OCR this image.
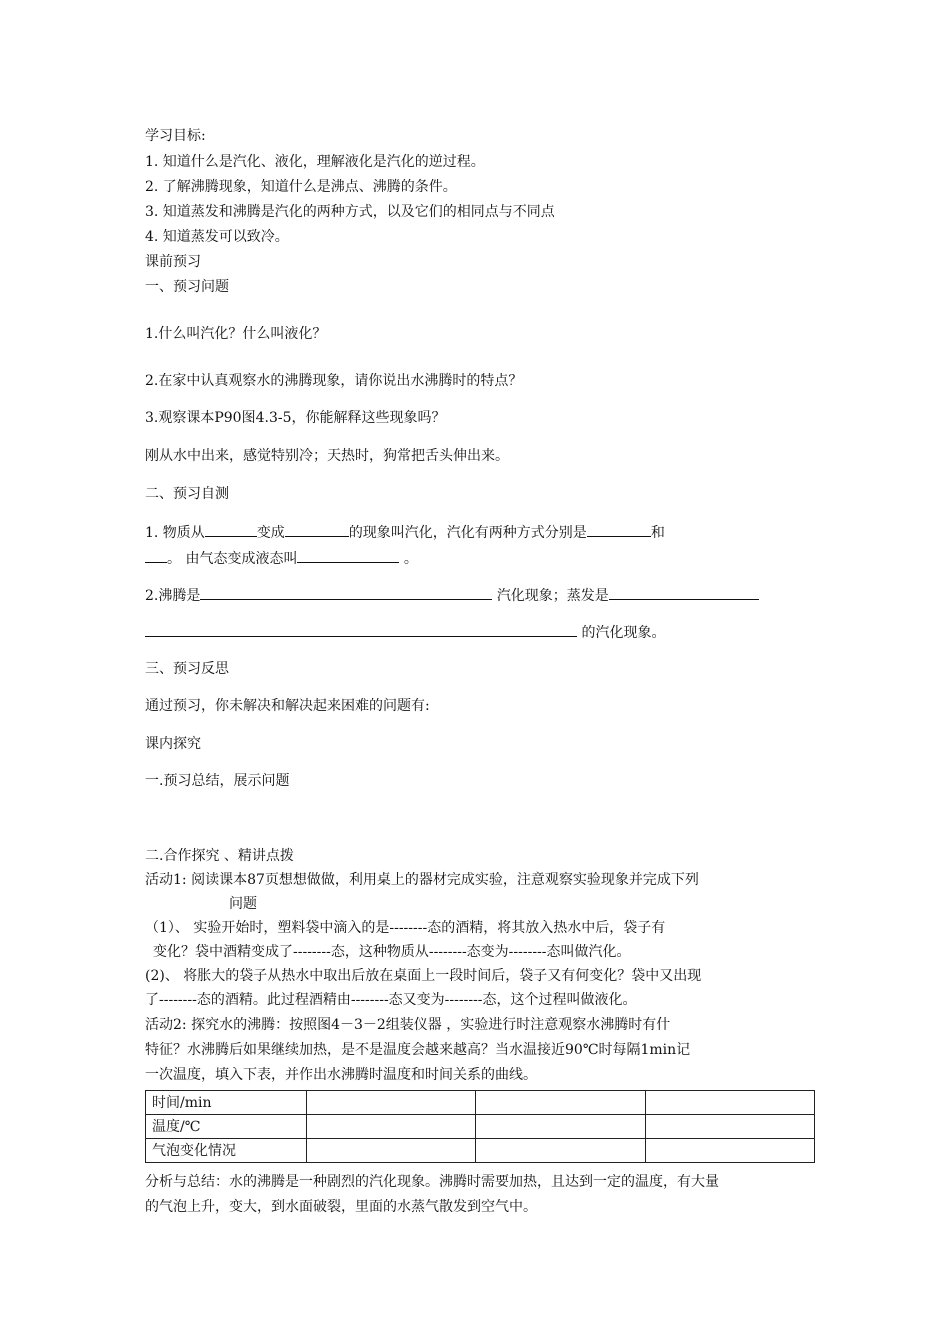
学习目标:
1. 知道什么是汽化、液化，理解液化是汽化的逆过程。
2. 了解沸腾现象，知道什么是沸点、沸腾的条件。
3. 知道蒸发和沸腾是汽化的两种方式，以及它们的相同点与不同点
4. 知道蒸发可以致冷。
课前预习
一、预习问题
1.什么叫汽化？什么叫液化？
2.在家中认真观察水的沸腾现象，请你说出水沸腾时的特点？
3.观察课本P90图4.3-5，你能解释这些现象吗？
刚从水中出来，感觉特别冷；天热时，狗常把舌头伸出来。
二、预习自测
1. 物质从	变成	的现象叫汽化，汽化有两种方式分别是	和
。 由气态变成液态叫	。
2.沸腾是	汽化现象；蒸发是
的汽化现象。
三、预习反思
通过预习，你未解决和解决起来困难的问题有:
课内探究
一.预习总结，展示问题
二.合作探究 、精讲点拨
活动1: 阅读课本87页想想做做，利用桌上的器材完成实验，注意观察实验现象并完成下列
问题
（1）、 实验开始时，塑料袋中滴入的是--------态的酒精，将其放入热水中后，袋子有
变化？袋中酒精变成了--------态，这种物质从--------态变为--------态叫做汽化。
(2)、 将胀大的袋子从热水中取出后放在桌面上一段时间后，袋子又有何变化？袋中又出现
了--------态的酒精。此过程酒精由--------态又变为--------态，这个过程叫做液化。
活动2: 探究水的沸腾：按照图4－3－2组装仪器 ，实验进行时注意观察水沸腾时有什
特征？水沸腾后如果继续加热，是不是温度会越来越高？当水温接近90℃时每隔1min记
一次温度，填入下表，并作出水沸腾时温度和时间关系的曲线。
时间/min			
温度/℃			
气泡变化情况			
分析与总结：水的沸腾是一种剧烈的汽化现象。沸腾时需要加热，且达到一定的温度，有大量
的气泡上升，变大，到水面破裂，里面的水蒸气散发到空气中。
